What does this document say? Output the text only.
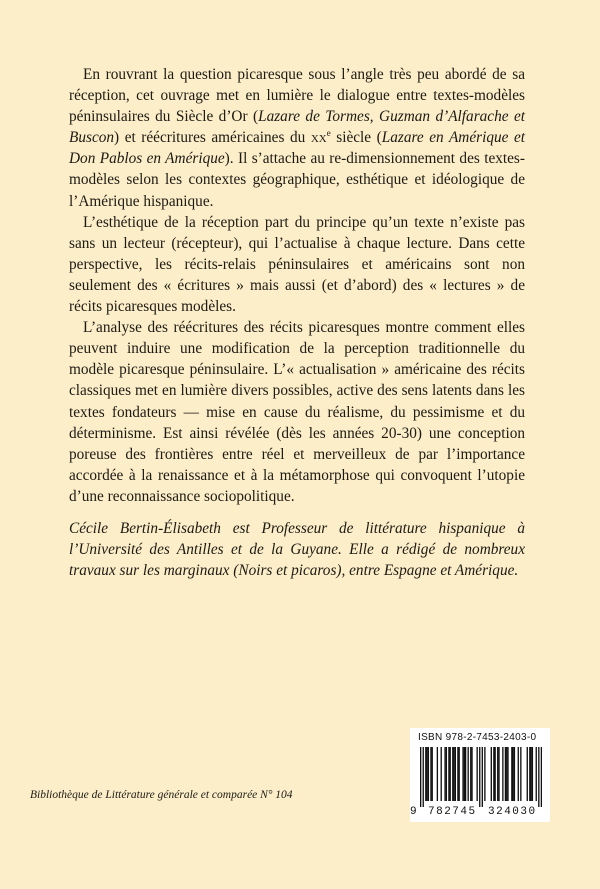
En rouvrant la question picaresque sous l’angle très peu abordé de sa réception, cet ouvrage met en lumière le dialogue entre textes-modèles péninsulaires du Siècle d’Or (Lazare de Tormes, Guzman d’Alfarache et Buscon) et réécritures américaines du $xx^e$ siècle (Lazare en Amérique et Don Pablos en Amérique). Il s’attache au re-dimensionnement des textes-modèles selon les contextes géographique, esthétique et idéologique de l’Amérique hispanique.

L’esthétique de la réception part du principe qu’un texte n’existe pas sans un lecteur (récepteur), qui l’actualise à chaque lecture. Dans cette perspective, les récits-relais péninsulaires et américains sont non seulement des « écritures » mais aussi (et d’abord) des « lectures » de récits picaresques modèles.

L’analyse des réécritures des récits picaresques montre comment elles peuvent induire une modification de la perception traditionnelle du modèle picaresque péninsulaire. L’« actualisation » américaine des récits classiques met en lumière divers possibles, active des sens latents dans les textes fondateurs — mise en cause du réalisme, du pessimisme et du déterminisme. Est ainsi révélée (dès les années 20-30) une conception poreuse des frontières entre réel et merveilleux de par l’importance accordée à la renaissance et à la métamorphose qui convoquent l’utopie d’une reconnaissance sociopolitique.

Cécile Bertin-Élisabeth est Professeur de littérature hispanique à l’Université des Antilles et de la Guyane. Elle a rédigé de nombreux travaux sur les marginaux (Noirs et picaros), entre Espagne et Amérique.

ISBN 978-2-7453-2403-0
9 782745 324030
Bibliothèque de Littérature générale et comparée N° 104
